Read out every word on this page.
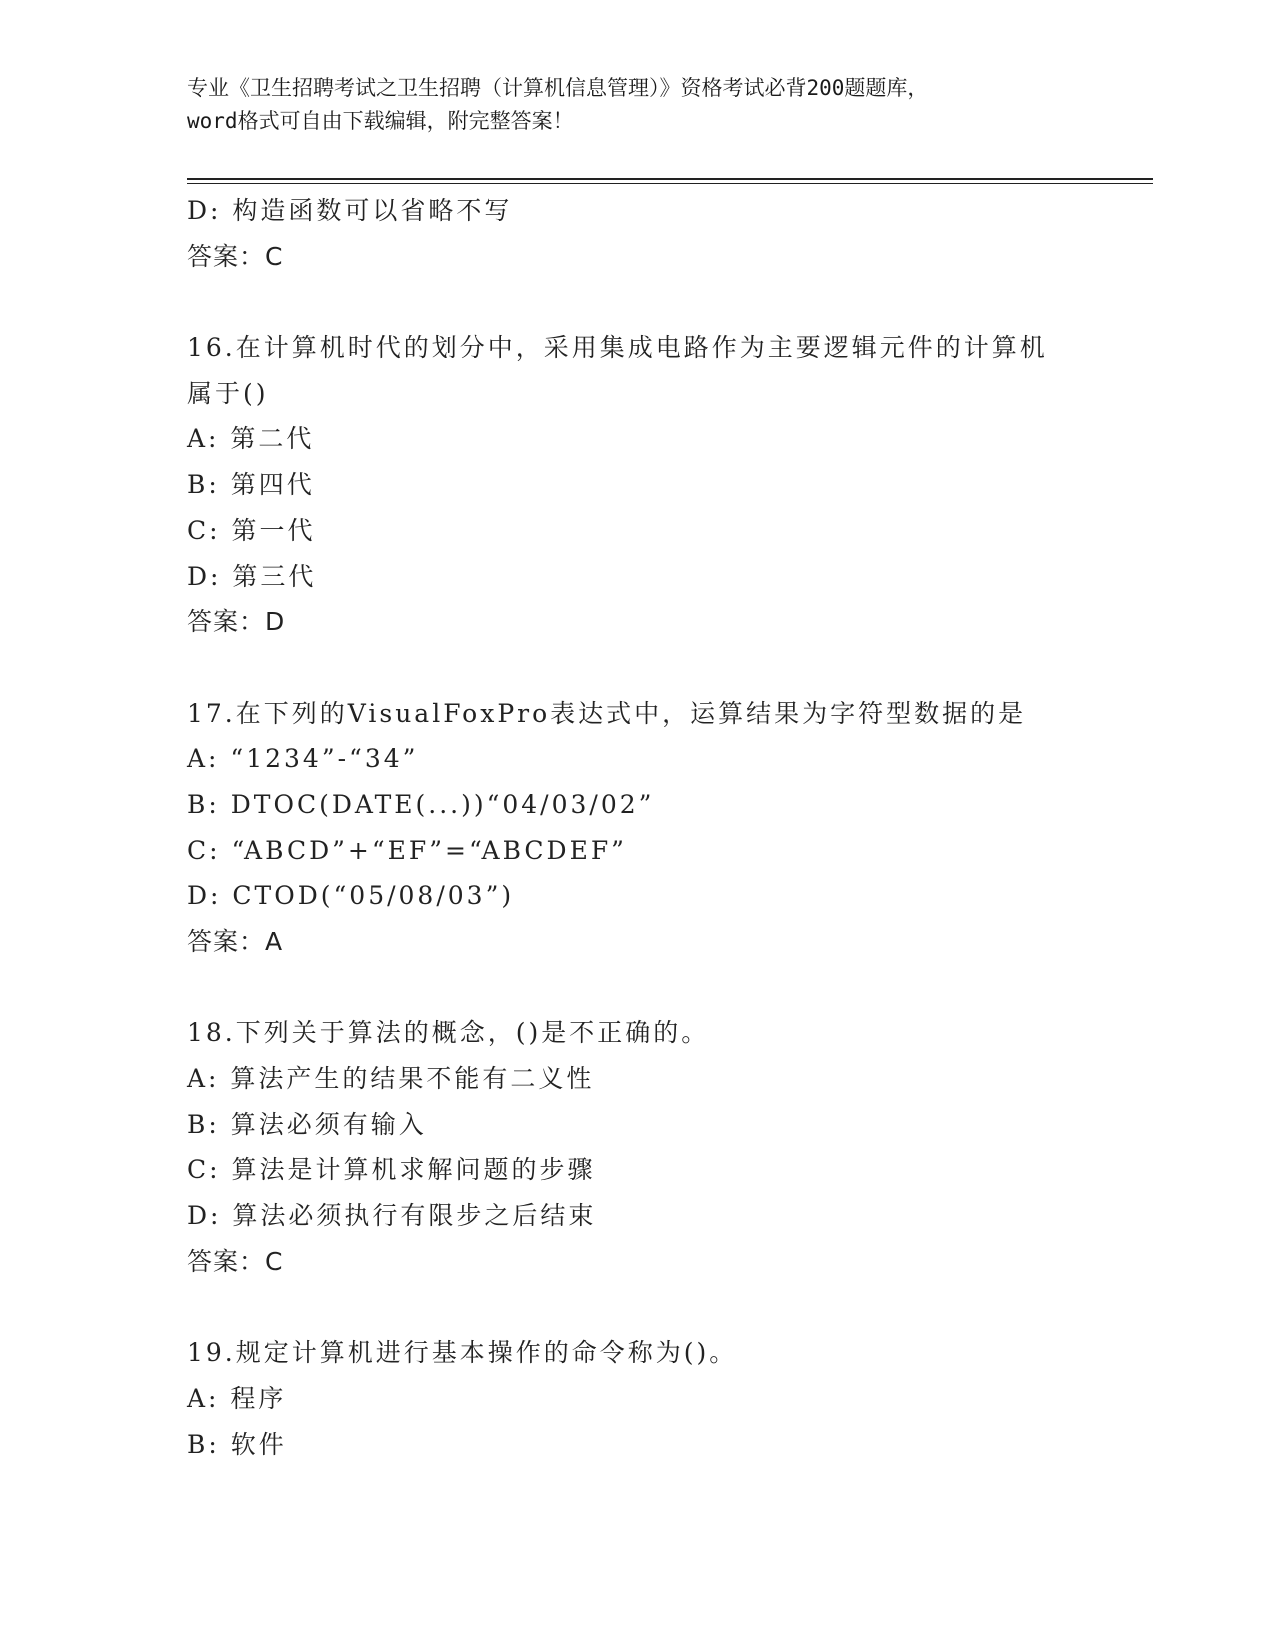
专业《卫生招聘考试之卫生招聘（计算机信息管理）》资格考试必背200题题库，
word格式可自由下载编辑，附完整答案！
D: 构造函数可以省略不写
答案：C
16.在计算机时代的划分中，采用集成电路作为主要逻辑元件的计算机
属于()
A: 第二代
B: 第四代
C: 第一代
D: 第三代
答案：D
17.在下列的VisualFoxPro表达式中，运算结果为字符型数据的是
A: “1234”-“34”
B: DTOC(DATE(...))“04/03/02”
C: “ABCD”+“EF”=“ABCDEF”
D: CTOD(“05/08/03”)
答案：A
18.下列关于算法的概念，()是不正确的。
A: 算法产生的结果不能有二义性
B: 算法必须有输入
C: 算法是计算机求解问题的步骤
D: 算法必须执行有限步之后结束
答案：C
19.规定计算机进行基本操作的命令称为()。
A: 程序
B: 软件
